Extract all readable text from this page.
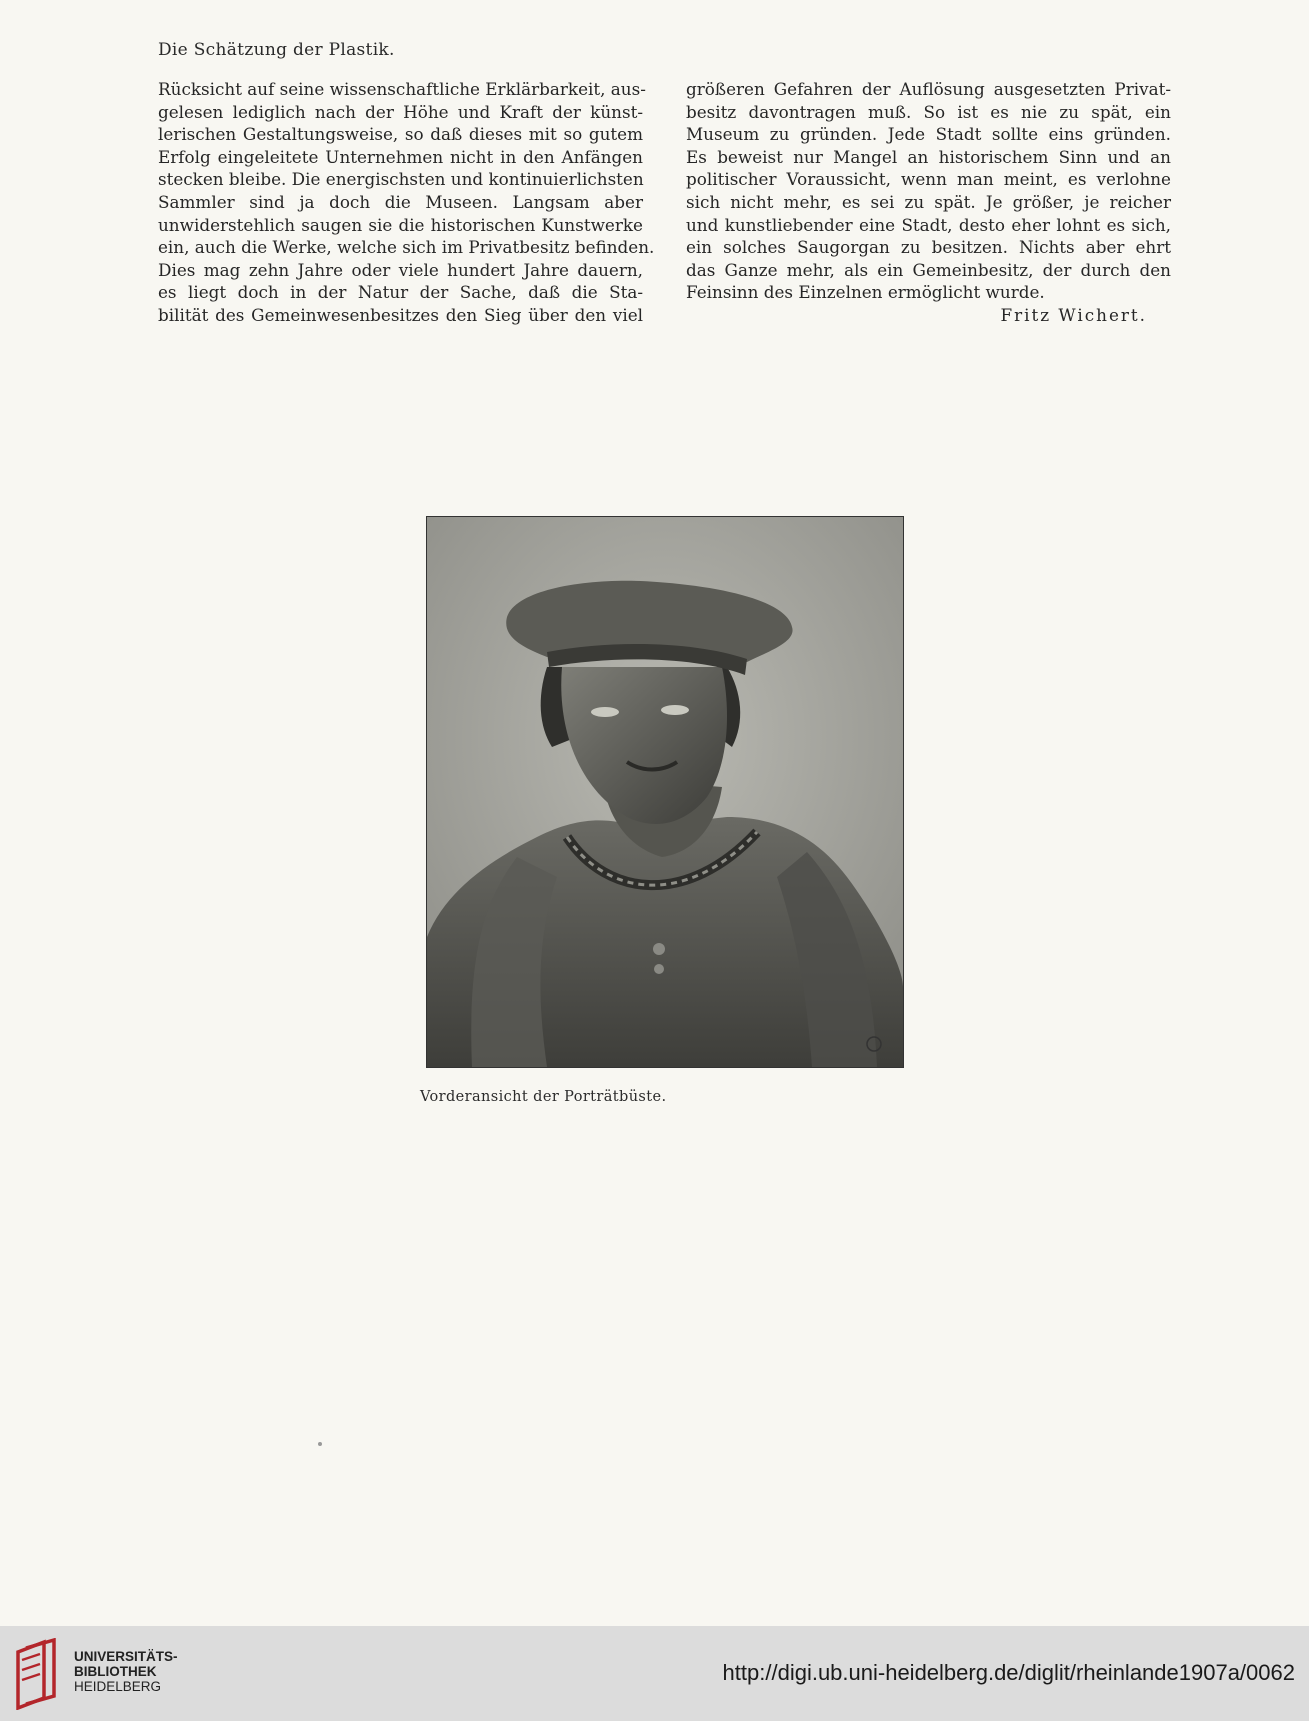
Die Schätzung der Plastik.
Rücksicht auf seine wissenschaftliche Erklärbarkeit, aus-
gelesen lediglich nach der Höhe und Kraft der künst-
lerischen Gestaltungsweise, so daß dieses mit so gutem
Erfolg eingeleitete Unternehmen nicht in den Anfängen
stecken bleibe. Die energischsten und kontinuierlichsten
Sammler sind ja doch die Museen. Langsam aber
unwiderstehlich saugen sie die historischen Kunstwerke
ein, auch die Werke, welche sich im Privatbesitz befinden.
Dies mag zehn Jahre oder viele hundert Jahre dauern,
es liegt doch in der Natur der Sache, daß die Sta-
bilität des Gemeinwesenbesitzes den Sieg über den viel
größeren Gefahren der Auflösung ausgesetzten Privat-
besitz davontragen muß. So ist es nie zu spät, ein
Museum zu gründen. Jede Stadt sollte eins gründen.
Es beweist nur Mangel an historischem Sinn und an
politischer Voraussicht, wenn man meint, es verlohne
sich nicht mehr, es sei zu spät. Je größer, je reicher
und kunstliebender eine Stadt, desto eher lohnt es sich,
ein solches Saugorgan zu besitzen. Nichts aber ehrt
das Ganze mehr, als ein Gemeinbesitz, der durch den
Feinsinn des Einzelnen ermöglicht wurde.
Fritz Wichert.
Vorderansicht der Porträtbüste.
UNIVERSITÄTS-
BIBLIOTHEK
HEIDELBERG
http://digi.ub.uni-heidelberg.de/diglit/rheinlande1907a/0062
